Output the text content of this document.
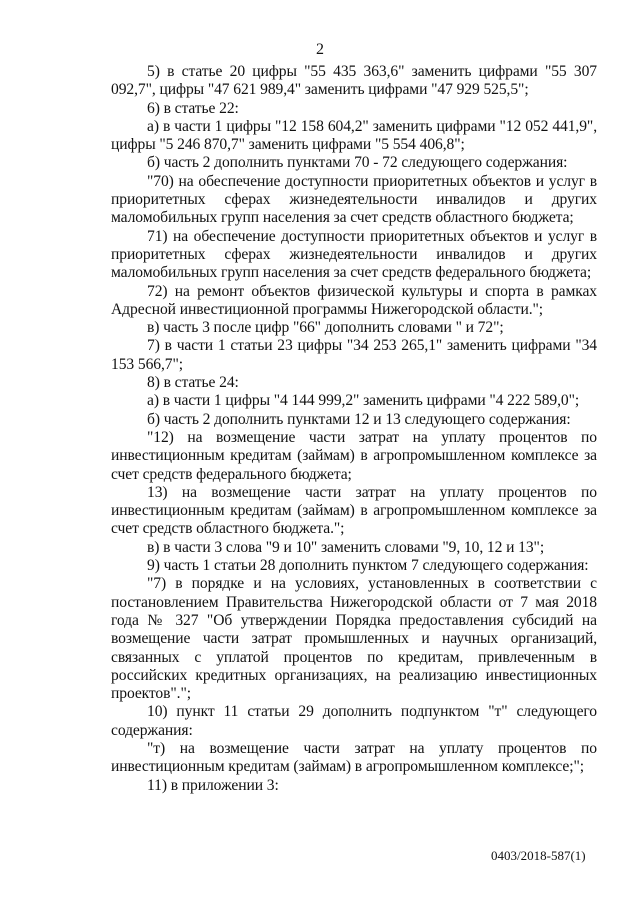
2

5) в статье 20 цифры "55 435 363,6" заменить цифрами "55 307 092,7", цифры "47 621 989,4" заменить цифрами "47 929 525,5";

6) в статье 22:

а) в части 1 цифры "12 158 604,2" заменить цифрами "12 052 441,9", цифры "5 246 870,7" заменить цифрами "5 554 406,8";

б) часть 2 дополнить пунктами 70 - 72 следующего содержания:

"70) на обеспечение доступности приоритетных объектов и услуг в приоритетных сферах жизнедеятельности инвалидов и других маломобильных групп населения за счет средств областного бюджета;

71) на обеспечение доступности приоритетных объектов и услуг в приоритетных сферах жизнедеятельности инвалидов и других маломобильных групп населения за счет средств федерального бюджета;

72) на ремонт объектов физической культуры и спорта в рамках Адресной инвестиционной программы Нижегородской области.";

в) часть 3 после цифр "66" дополнить словами " и 72";

7) в части 1 статьи 23 цифры "34 253 265,1" заменить цифрами "34 153 566,7";

8) в статье 24:

а) в части 1 цифры "4 144 999,2" заменить цифрами "4 222 589,0";

б) часть 2 дополнить пунктами 12 и 13 следующего содержания:

"12) на возмещение части затрат на уплату процентов по инвестиционным кредитам (займам) в агропромышленном комплексе за счет средств федерального бюджета;

13) на возмещение части затрат на уплату процентов по инвестиционным кредитам (займам) в агропромышленном комплексе за счет средств областного бюджета.";

в) в части 3 слова "9 и 10" заменить словами "9, 10, 12 и 13";

9) часть 1 статьи 28 дополнить пунктом 7 следующего содержания:

"7) в порядке и на условиях, установленных в соответствии с постановлением Правительства Нижегородской области от 7 мая 2018 года № 327 "Об утверждении Порядка предоставления субсидий на возмещение части затрат промышленных и научных организаций, связанных с уплатой процентов по кредитам, привлеченным в российских кредитных организациях, на реализацию инвестиционных проектов".";

10) пункт 11 статьи 29 дополнить подпунктом "т" следующего содержания:

"т) на возмещение части затрат на уплату процентов по инвестиционным кредитам (займам) в агропромышленном комплексе;";

11) в приложении 3:

0403/2018-587(1)
